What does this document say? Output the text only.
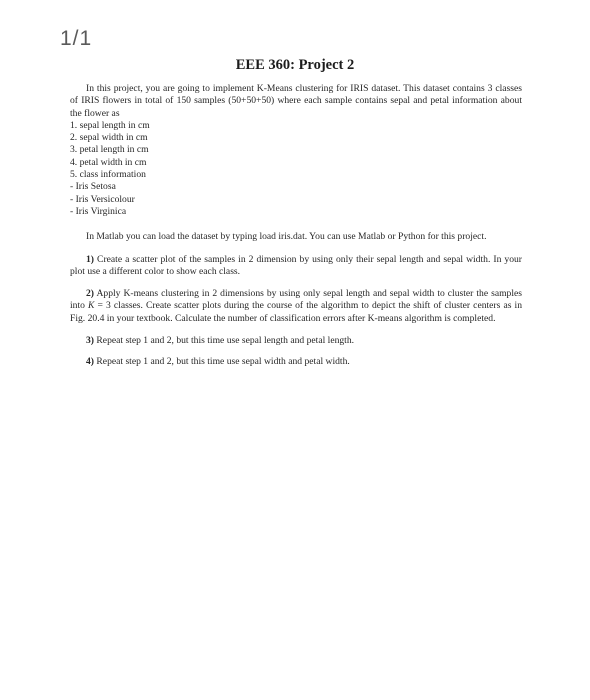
1/1
EEE 360: Project 2

In this project, you are going to implement K-Means clustering for IRIS dataset. This dataset contains 3 classes of IRIS flowers in total of 150 samples (50+50+50) where each sample contains sepal and petal information about the flower as

1. sepal length in cm
2. sepal width in cm
3. petal length in cm
4. petal width in cm
5. class information
- Iris Setosa
- Iris Versicolour
- Iris Virginica

In Matlab you can load the dataset by typing load iris.dat. You can use Matlab or Python for this project.

1) Create a scatter plot of the samples in 2 dimension by using only their sepal length and sepal width. In your plot use a different color to show each class.

2) Apply K-means clustering in 2 dimensions by using only sepal length and sepal width to cluster the samples into K = 3 classes. Create scatter plots during the course of the algorithm to depict the shift of cluster centers as in Fig. 20.4 in your textbook. Calculate the number of classification errors after K-means algorithm is completed.

3) Repeat step 1 and 2, but this time use sepal length and petal length.

4) Repeat step 1 and 2, but this time use sepal width and petal width.
